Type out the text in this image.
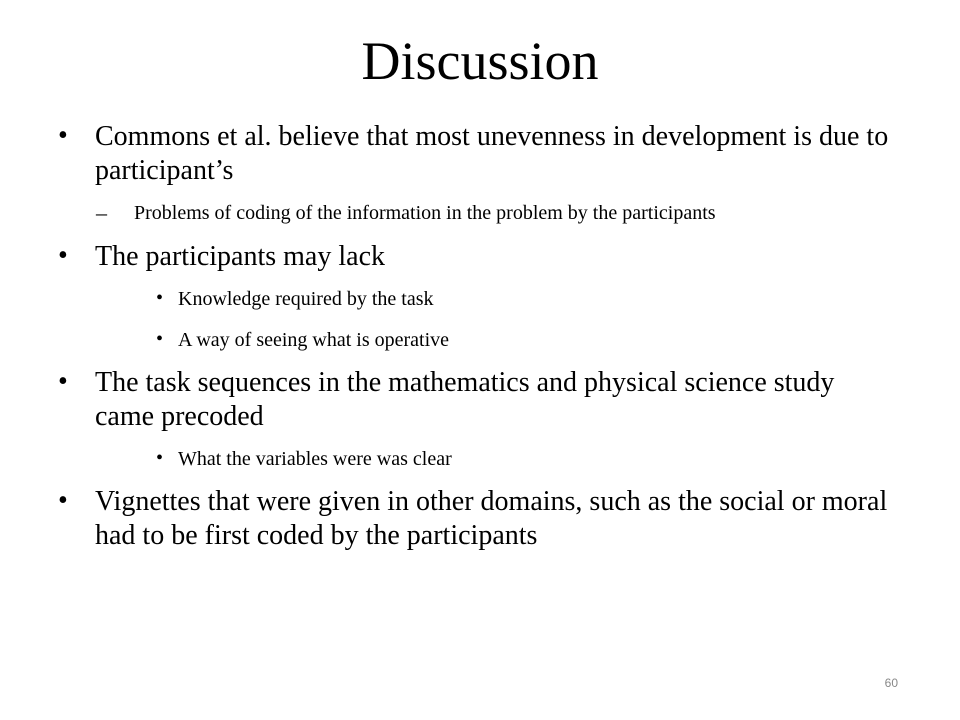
Discussion
• Commons et al. believe that most unevenness in development is due to participant’s
– Problems of coding of the information in the problem by the participants
• The participants may lack
• Knowledge required by the task
• A way of seeing what is operative
• The task sequences in the mathematics and physical science study came precoded
• What the variables were was clear
• Vignettes that were given in other domains, such as the social or moral had to be first coded by the participants
60
